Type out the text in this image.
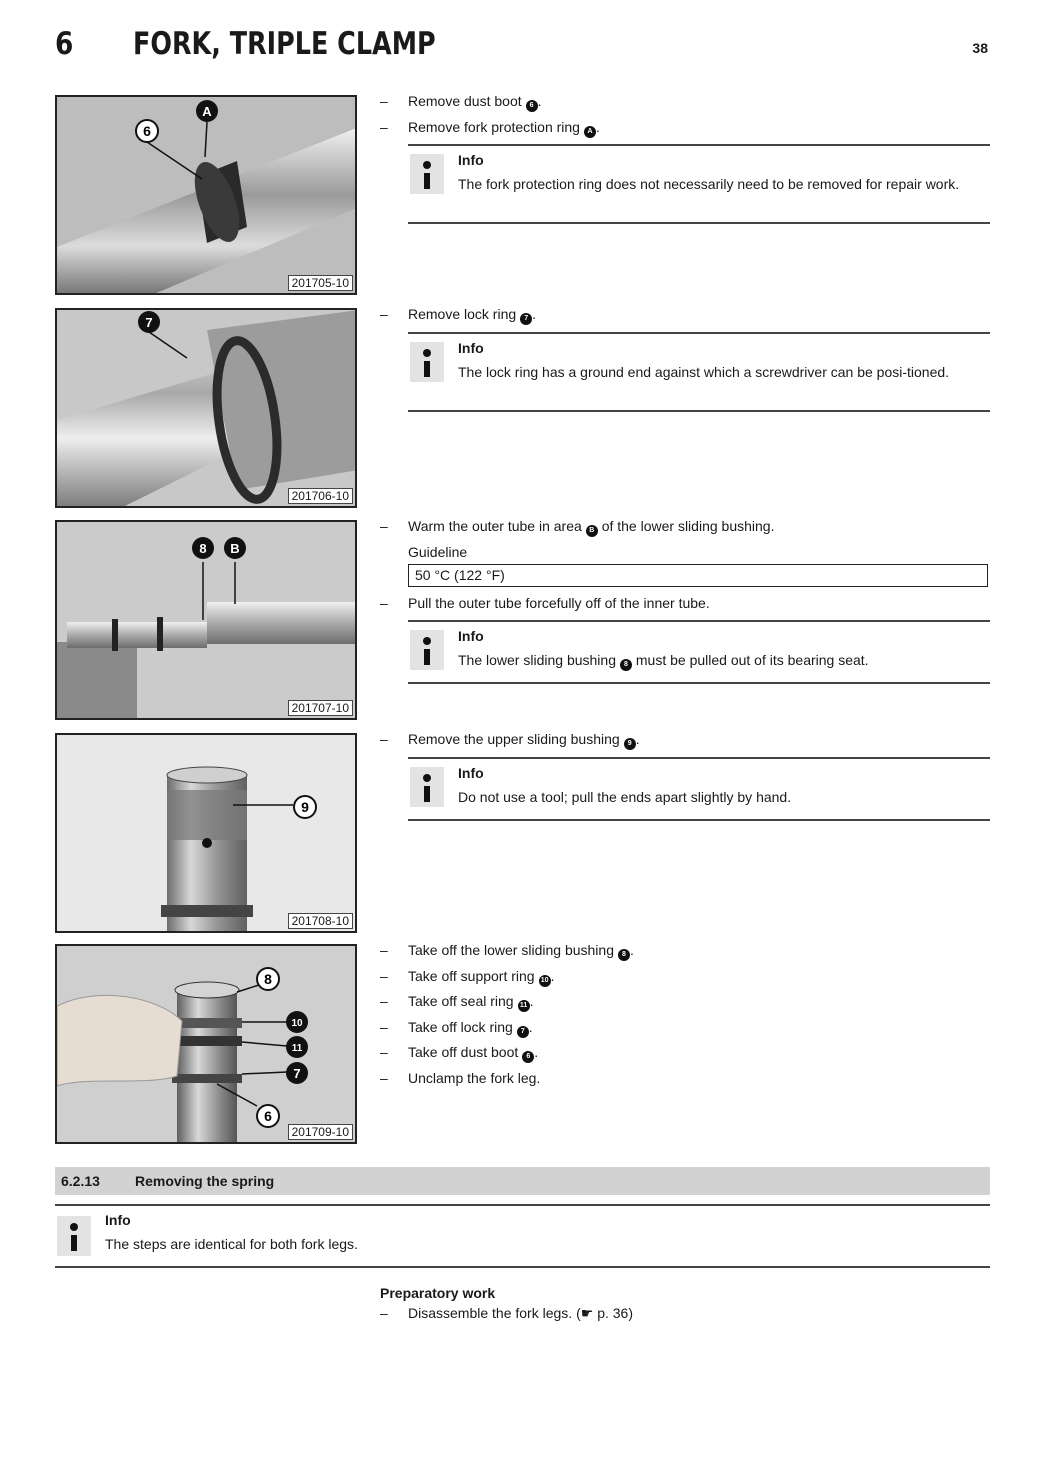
6 FORK, TRIPLE CLAMP	38
6
A
201705-10
7
201706-10
8 B
201707-10
9
201708-10
8
10
11
7
6
201709-10
– Remove dust boot 6 .
– Remove fork protection ring A .
Info
The fork protection ring does not necessarily need to be removed for repair work.
– Remove lock ring 7 .
Info
The lock ring has a ground end against which a screwdriver can be posi-tioned.
– Warm the outer tube in area B of the lower sliding bushing.
Guideline
50 °C (122 °F)
– Pull the outer tube forcefully off of the inner tube.
Info
The lower sliding bushing 8 must be pulled out of its bearing seat.
– Remove the upper sliding bushing 9 .
Info
Do not use a tool; pull the ends apart slightly by hand.
– Take off the lower sliding bushing 8 .
– Take off support ring 10 .
– Take off seal ring 11 .
– Take off lock ring 7 .
– Take off dust boot 6 .
– Unclamp the fork leg.
6.2.13	Removing the spring
Info
The steps are identical for both fork legs.
Preparatory work
– Disassemble the fork legs. (☛ p. 36)
